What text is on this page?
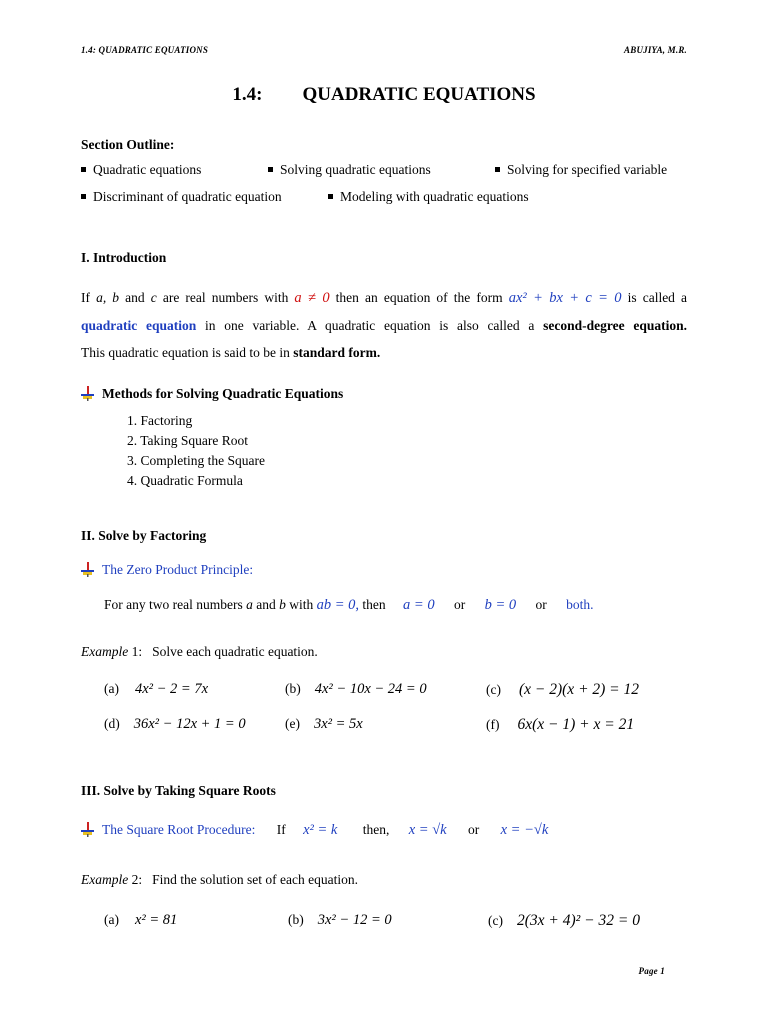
1.4: QUADRATIC EQUATIONS	ABUJIYA, M.R.
1.4: QUADRATIC EQUATIONS
Section Outline:
Quadratic equations	Solving quadratic equations	Solving for specified variable
Discriminant of quadratic equation	Modeling with quadratic equations
I. Introduction
If a, b and c are real numbers with a ≠ 0 then an equation of the form ax² + bx + c = 0 is called a
quadratic equation in one variable. A quadratic equation is also called a second-degree equation.
This quadratic equation is said to be in standard form.
Methods for Solving Quadratic Equations
1. Factoring
2. Taking Square Root
3. Completing the Square
4. Quadratic Formula
II. Solve by Factoring
The Zero Product Principle:
For any two real numbers a and b with ab = 0, then a = 0 or b = 0 or both.
Example 1: Solve each quadratic equation.
(a) 4x² − 2 = 7x	(b) 4x² − 10x − 24 = 0	(c) (x − 2)(x + 2) = 12
(d) 36x² − 12x + 1 = 0	(e) 3x² = 5x	(f) 6x(x − 1) + x = 21
III. Solve by Taking Square Roots
The Square Root Procedure: If x² = k then, x = √k or x = −√k
Example 2: Find the solution set of each equation.
(a) x² = 81	(b) 3x² − 12 = 0	(c) 2(3x + 4)² − 32 = 0
Page 1
